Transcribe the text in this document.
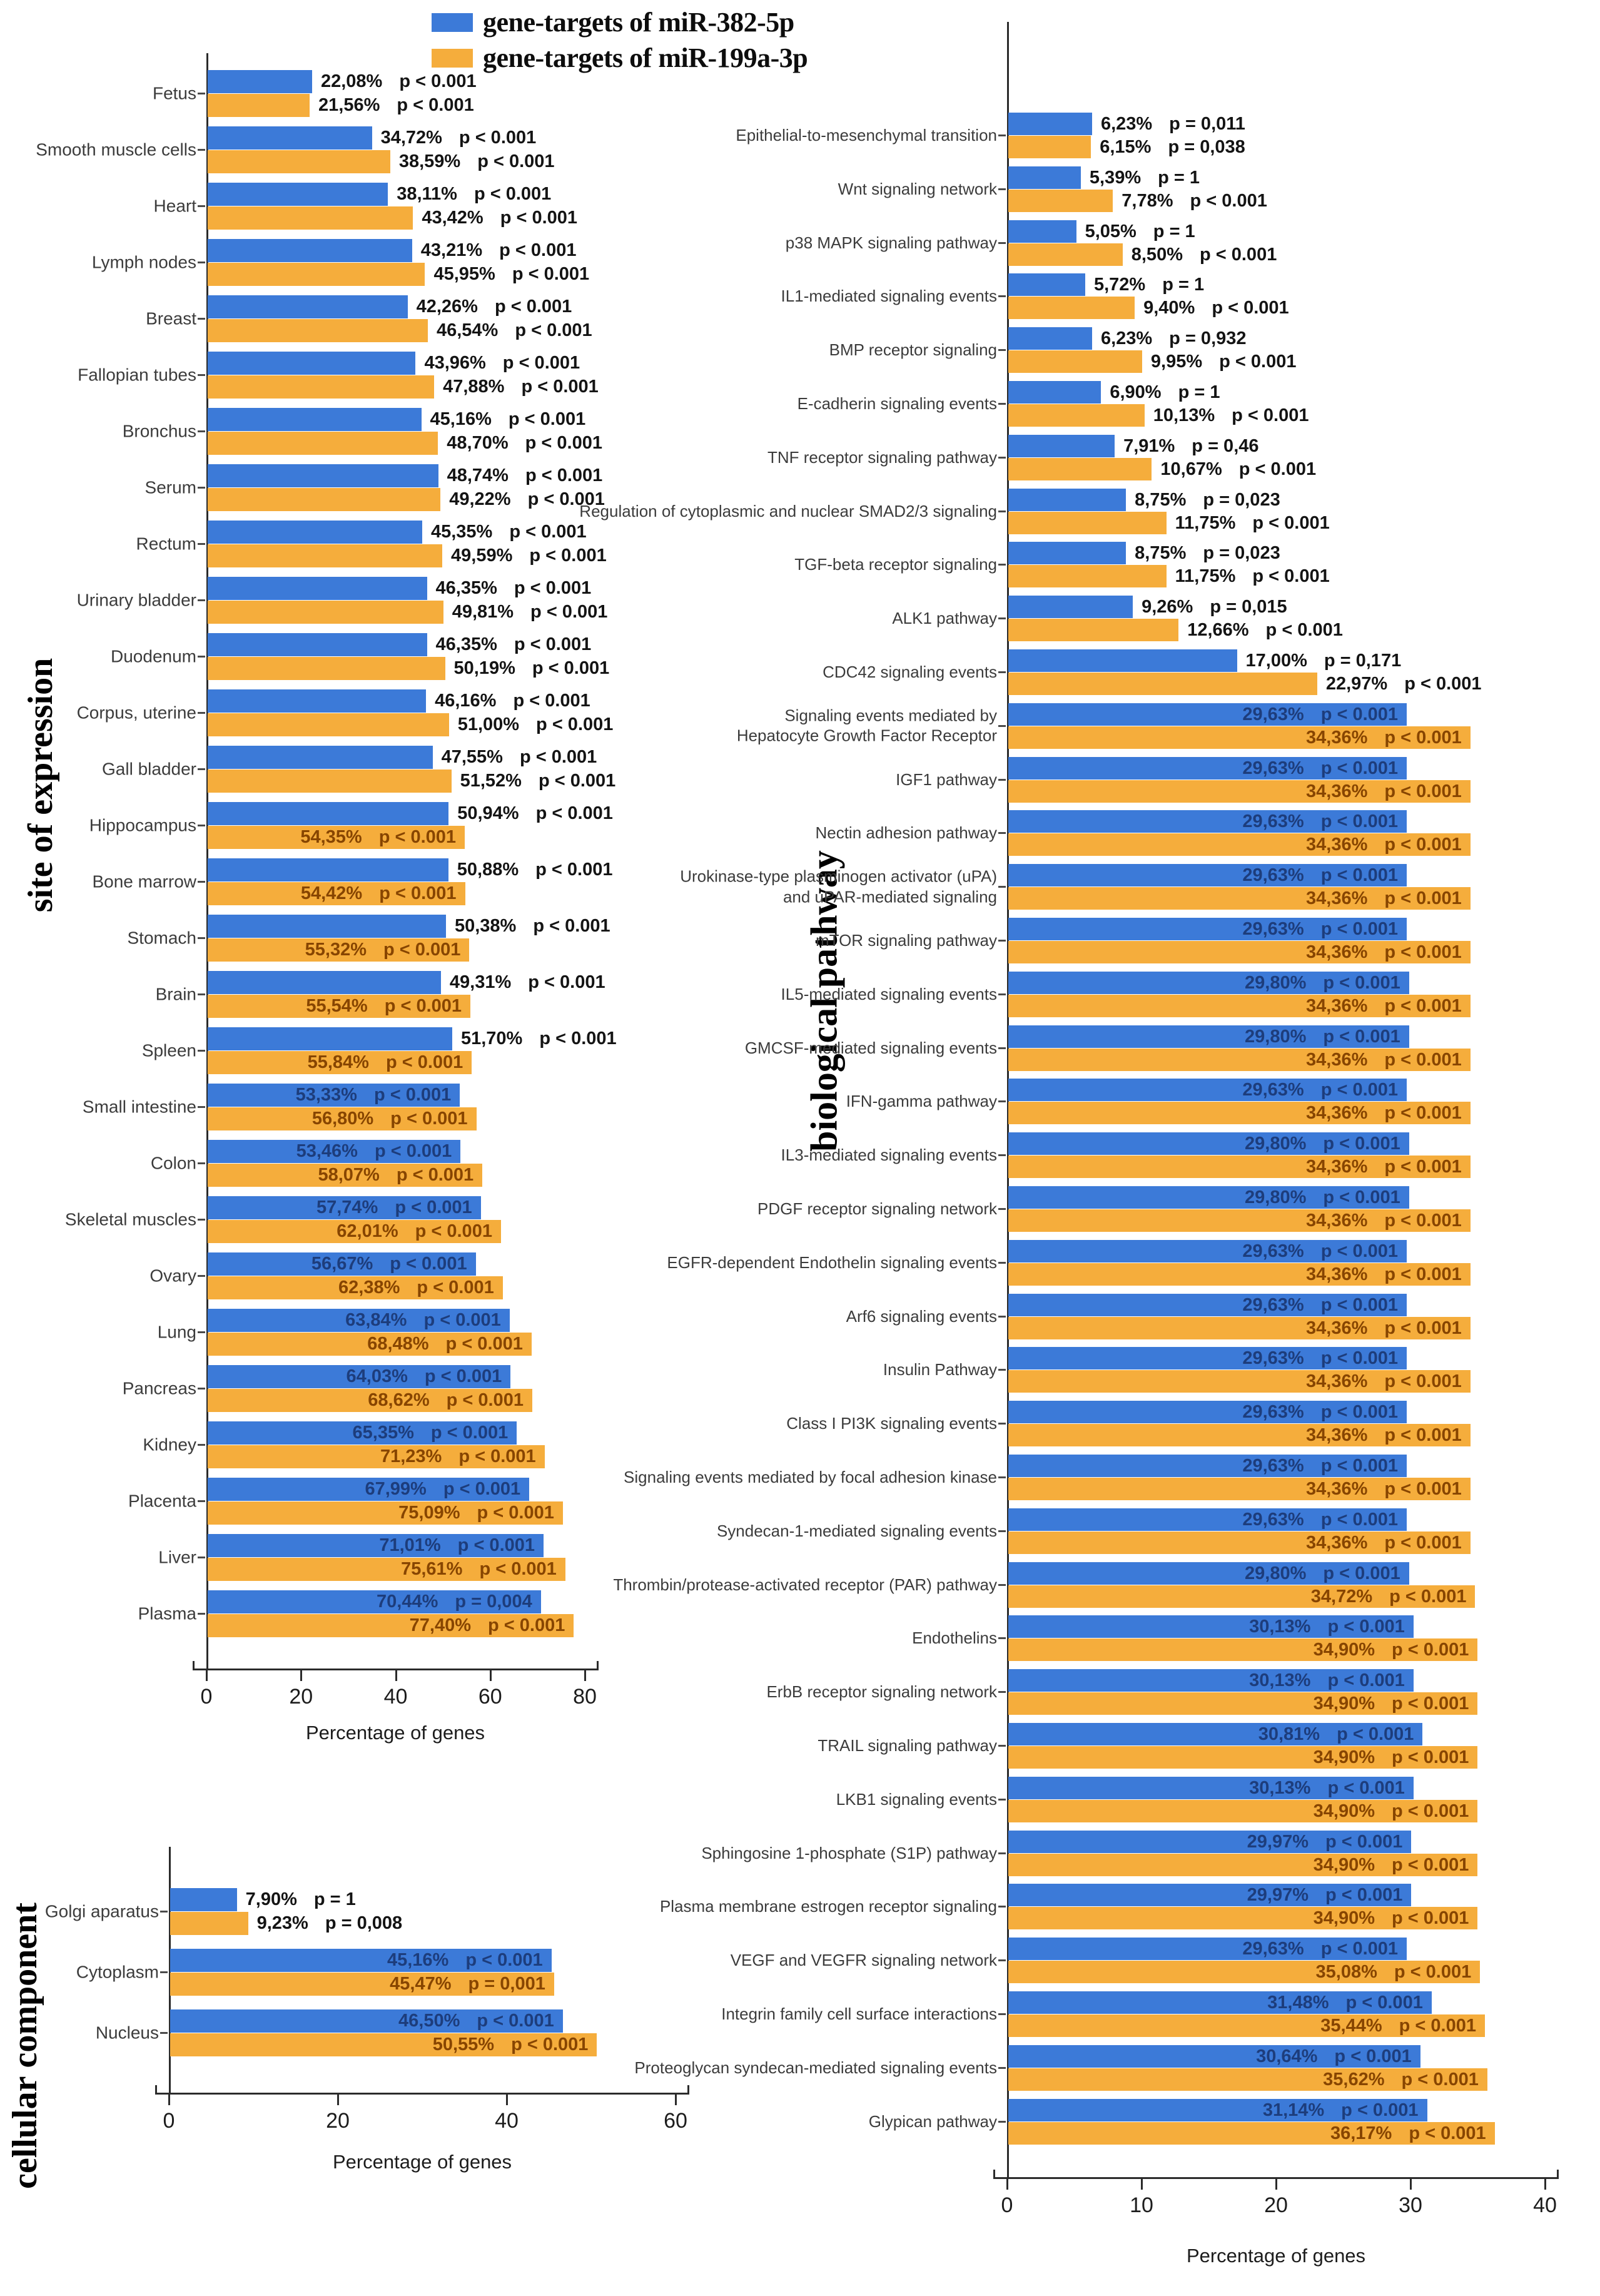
gene-targets of miR-382-5p
gene-targets of miR-199a-3p
site of expression
cellular component
biological pathway
0	20	40	60	80
Fetus
22,08% p < 0.001
21,56% p < 0.001
Smooth muscle cells
34,72% p < 0.001
38,59% p < 0.001
Heart
38,11% p < 0.001
43,42% p < 0.001
Lymph nodes
43,21% p < 0.001
45,95% p < 0.001
Breast
42,26% p < 0.001
46,54% p < 0.001
Fallopian tubes
43,96% p < 0.001
47,88% p < 0.001
Bronchus
45,16% p < 0.001
48,70% p < 0.001
Serum
48,74% p < 0.001
49,22% p < 0.001
Rectum
45,35% p < 0.001
49,59% p < 0.001
Urinary bladder
46,35% p < 0.001
49,81% p < 0.001
Duodenum
46,35% p < 0.001
50,19% p < 0.001
Corpus, uterine
46,16% p < 0.001
51,00% p < 0.001
Gall bladder
47,55% p < 0.001
51,52% p < 0.001
Hippocampus
50,94% p < 0.001
54,35% p < 0.001
Bone marrow
50,88% p < 0.001
54,42% p < 0.001
Stomach
50,38% p < 0.001
55,32% p < 0.001
Brain
49,31% p < 0.001
55,54% p < 0.001
Spleen
51,70% p < 0.001
55,84% p < 0.001
Small intestine
53,33% p < 0.001
56,80% p < 0.001
Colon
53,46% p < 0.001
58,07% p < 0.001
Skeletal muscles
57,74% p < 0.001
62,01% p < 0.001
Ovary
56,67% p < 0.001
62,38% p < 0.001
Lung
63,84% p < 0.001
68,48% p < 0.001
Pancreas
64,03% p < 0.001
68,62% p < 0.001
Kidney
65,35% p < 0.001
71,23% p < 0.001
Placenta
67,99% p < 0.001
75,09% p < 0.001
Liver
71,01% p < 0.001
75,61% p < 0.001
Plasma
70,44% p = 0,004
77,40% p < 0.001
0	20	40	60
Golgi aparatus
7,90% p = 1
9,23% p = 0,008
Cytoplasm
45,16% p < 0.001
45,47% p = 0,001
Nucleus
46,50% p < 0.001
50,55% p < 0.001
0	10	20	30	40
Epithelial-to-mesenchymal transition
6,23% p = 0,011
6,15% p = 0,038
Wnt signaling network
5,39% p = 1
7,78% p < 0.001
p38 MAPK signaling pathway
5,05% p = 1
8,50% p < 0.001
IL1-mediated signaling events
5,72% p = 1
9,40% p < 0.001
BMP receptor signaling
6,23% p = 0,932
9,95% p < 0.001
E-cadherin signaling events
6,90% p = 1
10,13% p < 0.001
TNF receptor signaling pathway
7,91% p = 0,46
10,67% p < 0.001
Regulation of cytoplasmic and nuclear SMAD2/3 signaling
8,75% p = 0,023
11,75% p < 0.001
TGF-beta receptor signaling
8,75% p = 0,023
11,75% p < 0.001
ALK1 pathway
9,26% p = 0,015
12,66% p < 0.001
CDC42 signaling events
17,00% p = 0,171
22,97% p < 0.001
Signaling events mediated by
Hepatocyte Growth Factor Receptor
29,63% p < 0.001
34,36% p < 0.001
IGF1 pathway
29,63% p < 0.001
34,36% p < 0.001
Nectin adhesion pathway
29,63% p < 0.001
34,36% p < 0.001
Urokinase-type plasminogen activator (uPA)
and uPAR-mediated signaling
29,63% p < 0.001
34,36% p < 0.001
mTOR signaling pathway
29,63% p < 0.001
34,36% p < 0.001
IL5-mediated signaling events
29,80% p < 0.001
34,36% p < 0.001
GMCSF-mediated signaling events
29,80% p < 0.001
34,36% p < 0.001
IFN-gamma pathway
29,63% p < 0.001
34,36% p < 0.001
IL3-mediated signaling events
29,80% p < 0.001
34,36% p < 0.001
PDGF receptor signaling network
29,80% p < 0.001
34,36% p < 0.001
EGFR-dependent Endothelin signaling events
29,63% p < 0.001
34,36% p < 0.001
Arf6 signaling events
29,63% p < 0.001
34,36% p < 0.001
Insulin Pathway
29,63% p < 0.001
34,36% p < 0.001
Class I PI3K signaling events
29,63% p < 0.001
34,36% p < 0.001
Signaling events mediated by focal adhesion kinase
29,63% p < 0.001
34,36% p < 0.001
Syndecan-1-mediated signaling events
29,63% p < 0.001
34,36% p < 0.001
Thrombin/protease-activated receptor (PAR) pathway
29,80% p < 0.001
34,72% p < 0.001
Endothelins
30,13% p < 0.001
34,90% p < 0.001
ErbB receptor signaling network
30,13% p < 0.001
34,90% p < 0.001
TRAIL signaling pathway
30,81% p < 0.001
34,90% p < 0.001
LKB1 signaling events
30,13% p < 0.001
34,90% p < 0.001
Sphingosine 1-phosphate (S1P) pathway
29,97% p < 0.001
34,90% p < 0.001
Plasma membrane estrogen receptor signaling
29,97% p < 0.001
34,90% p < 0.001
VEGF and VEGFR signaling network
29,63% p < 0.001
35,08% p < 0.001
Integrin family cell surface interactions
31,48% p < 0.001
35,44% p < 0.001
Proteoglycan syndecan-mediated signaling events
30,64% p < 0.001
35,62% p < 0.001
Glypican pathway
31,14% p < 0.001
36,17% p < 0.001
Percentage of genes
Percentage of genes
Percentage of genes
